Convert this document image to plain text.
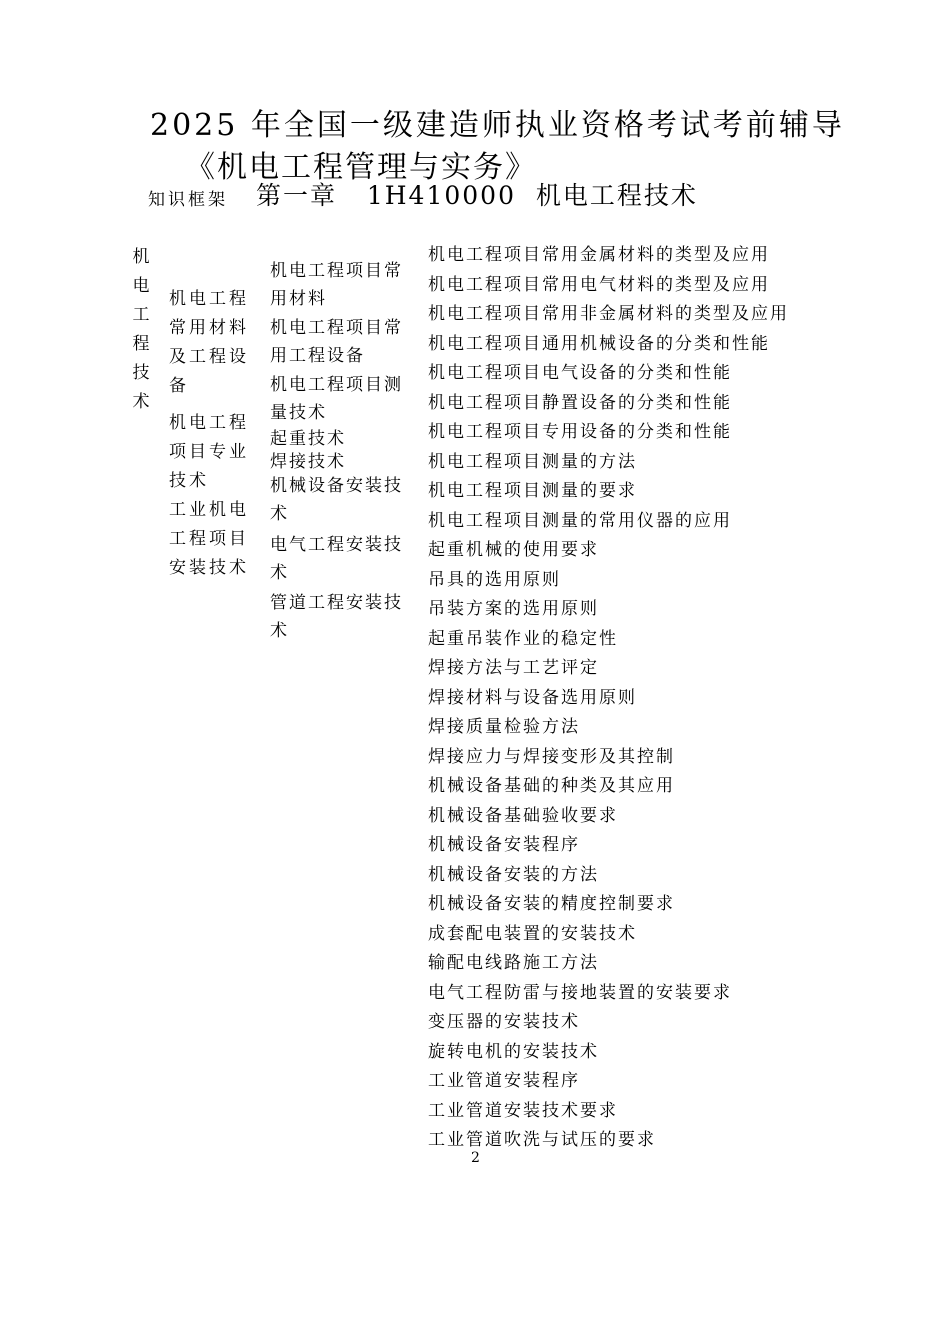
2025 年全国一级建造师执业资格考试考前辅导
《机电工程管理与实务》
知识框架 第一章   1H410000  机电工程技术
机
电
工
程
技
术
机电工程常用材料及工程设备
机电工程项目专业技术
工业机电工程项目安装技术
机电工程项目常用材料
机电工程项目常用工程设备
机电工程项目测量技术
起重技术
焊接技术
机械设备安装技术
电气工程安装技术
管道工程安装技术
机电工程项目常用金属材料的类型及应用
机电工程项目常用电气材料的类型及应用
机电工程项目常用非金属材料的类型及应用
机电工程项目通用机械设备的分类和性能
机电工程项目电气设备的分类和性能
机电工程项目静置设备的分类和性能
机电工程项目专用设备的分类和性能
机电工程项目测量的方法
机电工程项目测量的要求
机电工程项目测量的常用仪器的应用
起重机械的使用要求
吊具的选用原则
吊装方案的选用原则
起重吊装作业的稳定性
焊接方法与工艺评定
焊接材料与设备选用原则
焊接质量检验方法
焊接应力与焊接变形及其控制
机械设备基础的种类及其应用
机械设备基础验收要求
机械设备安装程序
机械设备安装的方法
机械设备安装的精度控制要求
成套配电装置的安装技术
输配电线路施工方法
电气工程防雷与接地装置的安装要求
变压器的安装技术
旋转电机的安装技术
工业管道安装程序
工业管道安装技术要求
工业管道吹洗与试压的要求
2
